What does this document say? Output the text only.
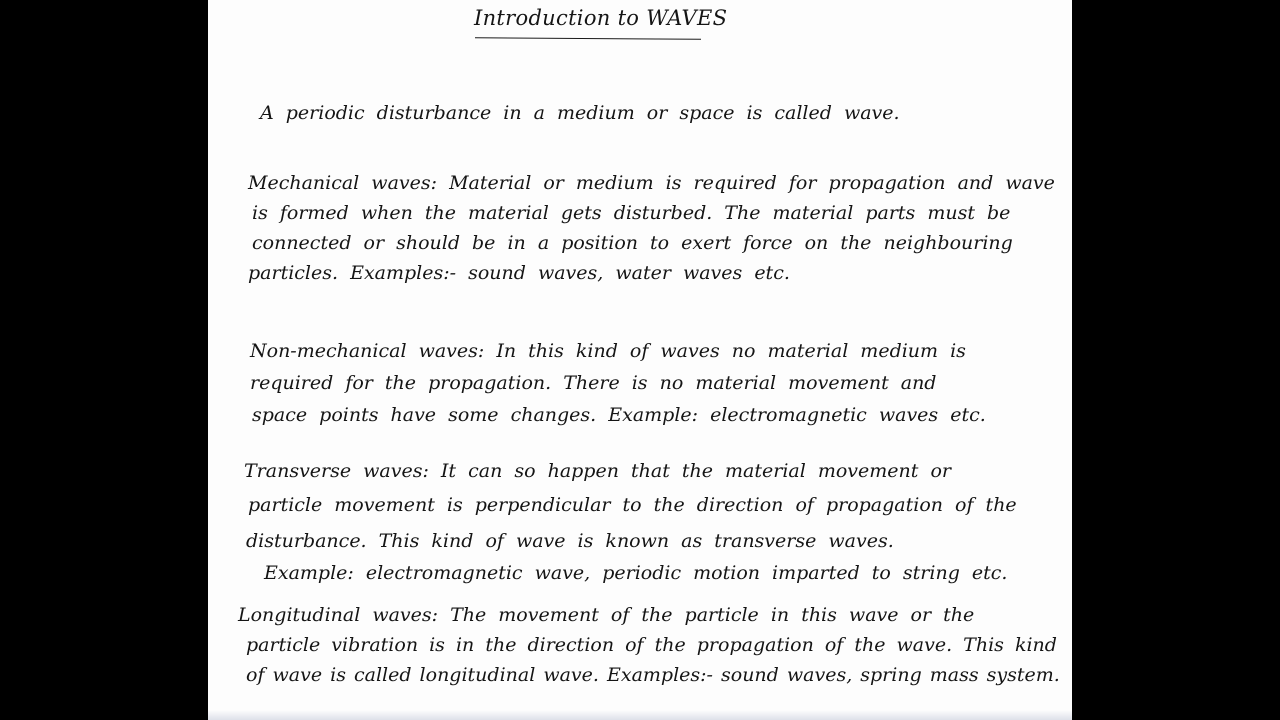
Introduction to WAVES
A periodic disturbance in a medium or space is called wave.
Mechanical waves: Material or medium is required for propagation and wave
is formed when the material gets disturbed. The material parts must be
connected or should be in a position to exert force on the neighbouring
particles. Examples:- sound waves, water waves etc.
Non-mechanical waves: In this kind of waves no material medium is
required for the propagation. There is no material movement and
space points have some changes. Example: electromagnetic waves etc.
Transverse waves: It can so happen that the material movement or
particle movement is perpendicular to the direction of propagation of the
disturbance. This kind of wave is known as transverse waves.
Example: electromagnetic wave, periodic motion imparted to string etc.
Longitudinal waves: The movement of the particle in this wave or the
particle vibration is in the direction of the propagation of the wave. This kind
of wave is called longitudinal wave. Examples:- sound waves, spring mass system.
